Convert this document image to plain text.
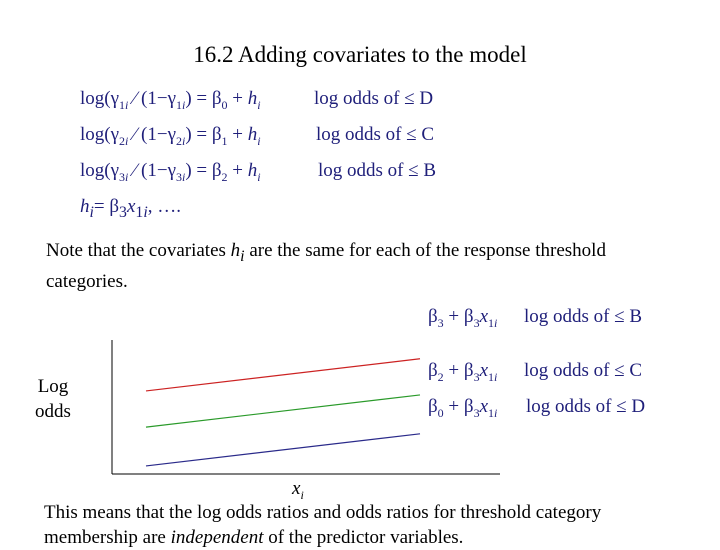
16.2 Adding covariates to the model
$\log(\gamma_{1i}$ ⁄ $(1-\gamma_{1i}) = \beta_0 + h_i$	log odds of ≤ D
$\log(\gamma_{2i}$ ⁄ $(1-\gamma_{2i}) = \beta_1 + h_i$	log odds of ≤ C
$\log(\gamma_{3i}$ ⁄ $(1-\gamma_{3i}) = \beta_2 + h_i$	log odds of ≤ B
$h_i= \beta_3x_{1i}$, ….
Note that the covariates $h_i$ are the same for each of the response threshold categories.
$\beta_3 + \beta_3x_{1i}$ log odds of ≤ B
$\beta_2 + \beta_3x_{1i}$ log odds of ≤ C
$\beta_0 + \beta_3x_{1i}$ log odds of ≤ D
Log odds
$x_i$
This means that the log odds ratios and odds ratios for threshold category membership are independent of the predictor variables.
